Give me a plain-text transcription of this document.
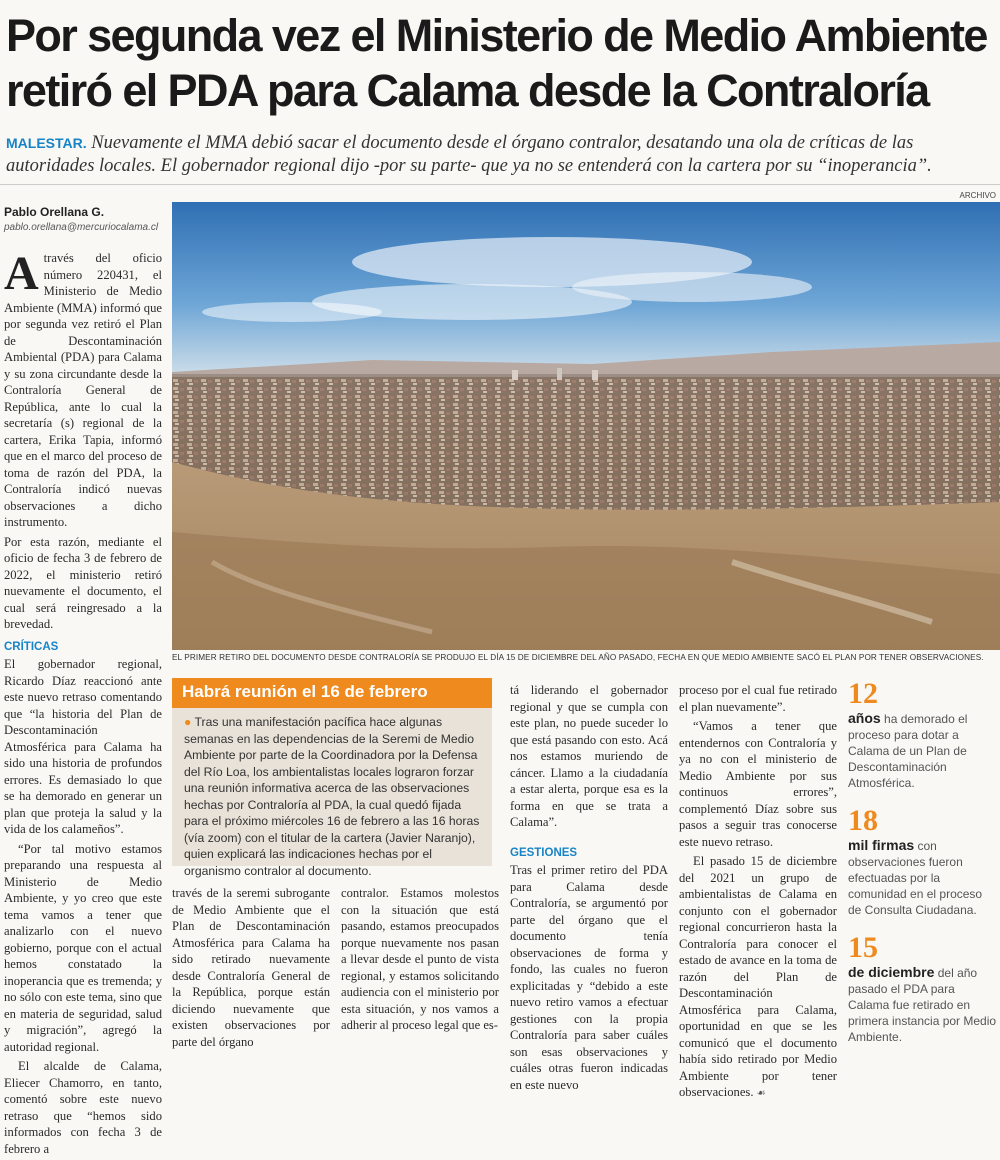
Por segunda vez el Ministerio de Medio Ambiente retiró el PDA para Calama desde la Contraloría
MALESTAR. Nuevamente el MMA debió sacar el documento desde el órgano contralor, desatando una ola de críticas de las autoridades locales. El gobernador regional dijo -por su parte- que ya no se entenderá con la cartera por su “inoperancia”.
ARCHIVO
Pablo Orellana G.
pablo.orellana@mercuriocalama.cl

Através del oficio número 220431, el Ministerio de Medio Ambiente (MMA) informó que por segunda vez retiró el Plan de Descontaminación Ambiental (PDA) para Calama y su zona circundante desde la Contraloría General de República, ante lo cual la secretaría (s) regional de la cartera, Erika Tapia, informó que en el marco del proceso de toma de razón del PDA, la Contraloría indicó nuevas observaciones a dicho instrumento.

Por esta razón, mediante el oficio de fecha 3 de febrero de 2022, el ministerio retiró nuevamente el documento, el cual será reingresado a la brevedad.

CRÍTICAS

El gobernador regional, Ricardo Díaz reaccionó ante este nuevo retraso comentando que “la historia del Plan de Descontaminación Atmosférica para Calama ha sido una historia de profundos errores. Es demasiado lo que se ha demorado en generar un plan que proteja la salud y la vida de los calameños”.

“Por tal motivo estamos preparando una respuesta al Ministerio de Medio Ambiente, y yo creo que este tema vamos a tener que analizarlo con el nuevo gobierno, porque con el actual hemos constatado la inoperancia que es tremenda; y no sólo con este tema, sino que en materia de seguridad, salud y migración”, agregó la autoridad regional.

El alcalde de Calama, Eliecer Chamorro, en tanto, comentó sobre este nuevo retraso que “hemos sido informados con fecha 3 de febrero a

EL PRIMER RETIRO DEL DOCUMENTO DESDE CONTRALORÍA SE PRODUJO EL DÍA 15 DE DICIEMBRE DEL AÑO PASADO, FECHA EN QUE MEDIO AMBIENTE SACÓ EL PLAN POR TENER OBSERVACIONES.
Habrá reunión el 16 de febrero
● Tras una manifestación pacífica hace algunas semanas en las dependencias de la Seremi de Medio Ambiente por parte de la Coordinadora por la Defensa del Río Loa, los ambientalistas locales lograron forzar una reunión informativa acerca de las observaciones hechas por Contraloría al PDA, la cual quedó fijada para el próximo miércoles 16 de febrero a las 16 horas (vía zoom) con el titular de la cartera (Javier Naranjo), quien explicará las indicaciones hechas por el organismo contralor al documento.

través de la seremi subrogante de Medio Ambiente que el Plan de Descontaminación Atmosférica para Calama ha sido retirado nuevamente desde Contraloría General de la República, porque están diciendo nuevamente que existen observaciones por parte del órgano

contralor. Estamos molestos con la situación que está pasando, estamos preocupados porque nuevamente nos pasan a llevar desde el punto de vista regional, y estamos solicitando audiencia con el ministerio por esta situación, y nos vamos a adherir al proceso legal que es-

tá liderando el gobernador regional y que se cumpla con este plan, no puede suceder lo que está pasando con esto. Acá nos estamos muriendo de cáncer. Llamo a la ciudadanía a estar alerta, porque esa es la forma en que se trata a Calama”.

GESTIONES

Tras el primer retiro del PDA para Calama desde Contraloría, se argumentó por parte del órgano que el documento tenía observaciones de forma y fondo, las cuales no fueron explicitadas y “debido a este nuevo retiro vamos a efectuar gestiones con la propia Contraloría para saber cuáles son esas observaciones y cuáles otras fueron indicadas en este nuevo

proceso por el cual fue retirado el plan nuevamente”.

“Vamos a tener que entendernos con Contraloría y ya no con el ministerio de Medio Ambiente por sus continuos errores”, complementó Díaz sobre sus pasos a seguir tras conocerse este nuevo retraso.

El pasado 15 de diciembre del 2021 un grupo de ambientalistas de Calama en conjunto con el gobernador regional concurrieron hasta la Contraloría para conocer el estado de avance en la toma de razón del Plan de Descontaminación Atmosférica para Calama, oportunidad en que se les comunicó que el documento había sido retirado por Medio Ambiente por tener observaciones. ☙

12
años ha demorado el proceso para dotar a Calama de un Plan de Descontaminación Atmosférica.
18
mil firmas con observaciones fueron efectuadas por la comunidad en el proceso de Consulta Ciudadana.
15
de diciembre del año pasado el PDA para Calama fue retirado en primera instancia por Medio Ambiente.
